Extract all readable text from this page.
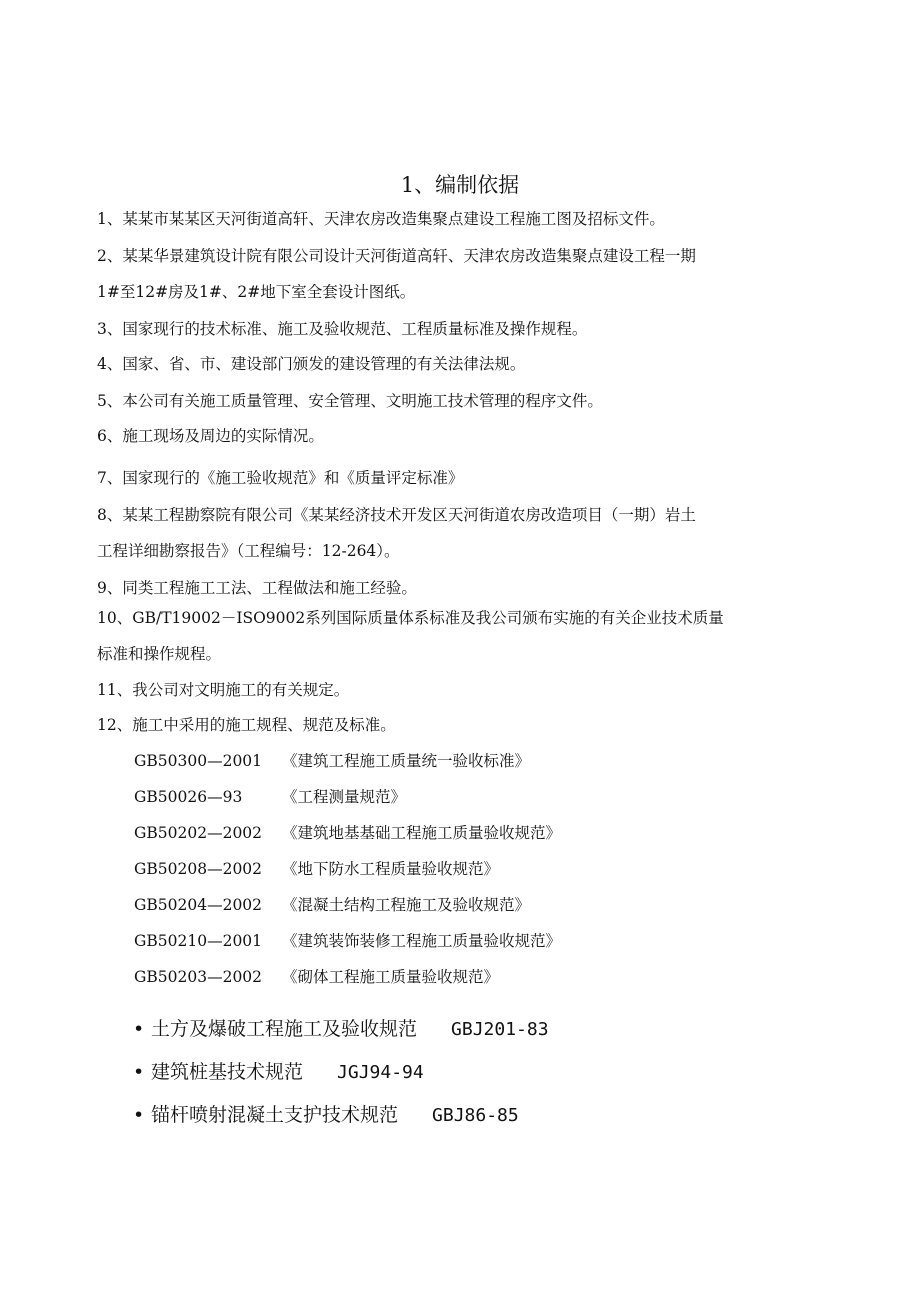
1、编制依据
1、某某市某某区天河街道高轩、天津农房改造集聚点建设工程施工图及招标文件。
2、某某华景建筑设计院有限公司设计天河街道高轩、天津农房改造集聚点建设工程一期
1#至12#房及1#、2#地下室全套设计图纸。
3、国家现行的技术标准、施工及验收规范、工程质量标准及操作规程。
4、国家、省、市、建设部门颁发的建设管理的有关法律法规。
5、本公司有关施工质量管理、安全管理、文明施工技术管理的程序文件。
6、施工现场及周边的实际情况。
7、国家现行的《施工验收规范》和《质量评定标准》
8、某某工程勘察院有限公司《某某经济技术开发区天河街道农房改造项目（一期）岩土
工程详细勘察报告》（工程编号：12-264）。
9、同类工程施工工法、工程做法和施工经验。
10、GB/T19002－ISO9002系列国际质量体系标准及我公司颁布实施的有关企业技术质量
标准和操作规程。
11、我公司对文明施工的有关规定。
12、施工中采用的施工规程、规范及标准。
GB50300—2001 《建筑工程施工质量统一验收标准》
GB50026—93	《工程测量规范》
GB50202—2002 《建筑地基基础工程施工质量验收规范》
GB50208—2002 《地下防水工程质量验收规范》
GB50204—2002 《混凝土结构工程施工及验收规范》
GB50210—2001 《建筑装饰装修工程施工质量验收规范》
GB50203—2002 《砌体工程施工质量验收规范》
• 土方及爆破工程施工及验收规范 GBJ201-83
• 建筑桩基技术规范 JGJ94-94
• 锚杆喷射混凝土支护技术规范 GBJ86-85
